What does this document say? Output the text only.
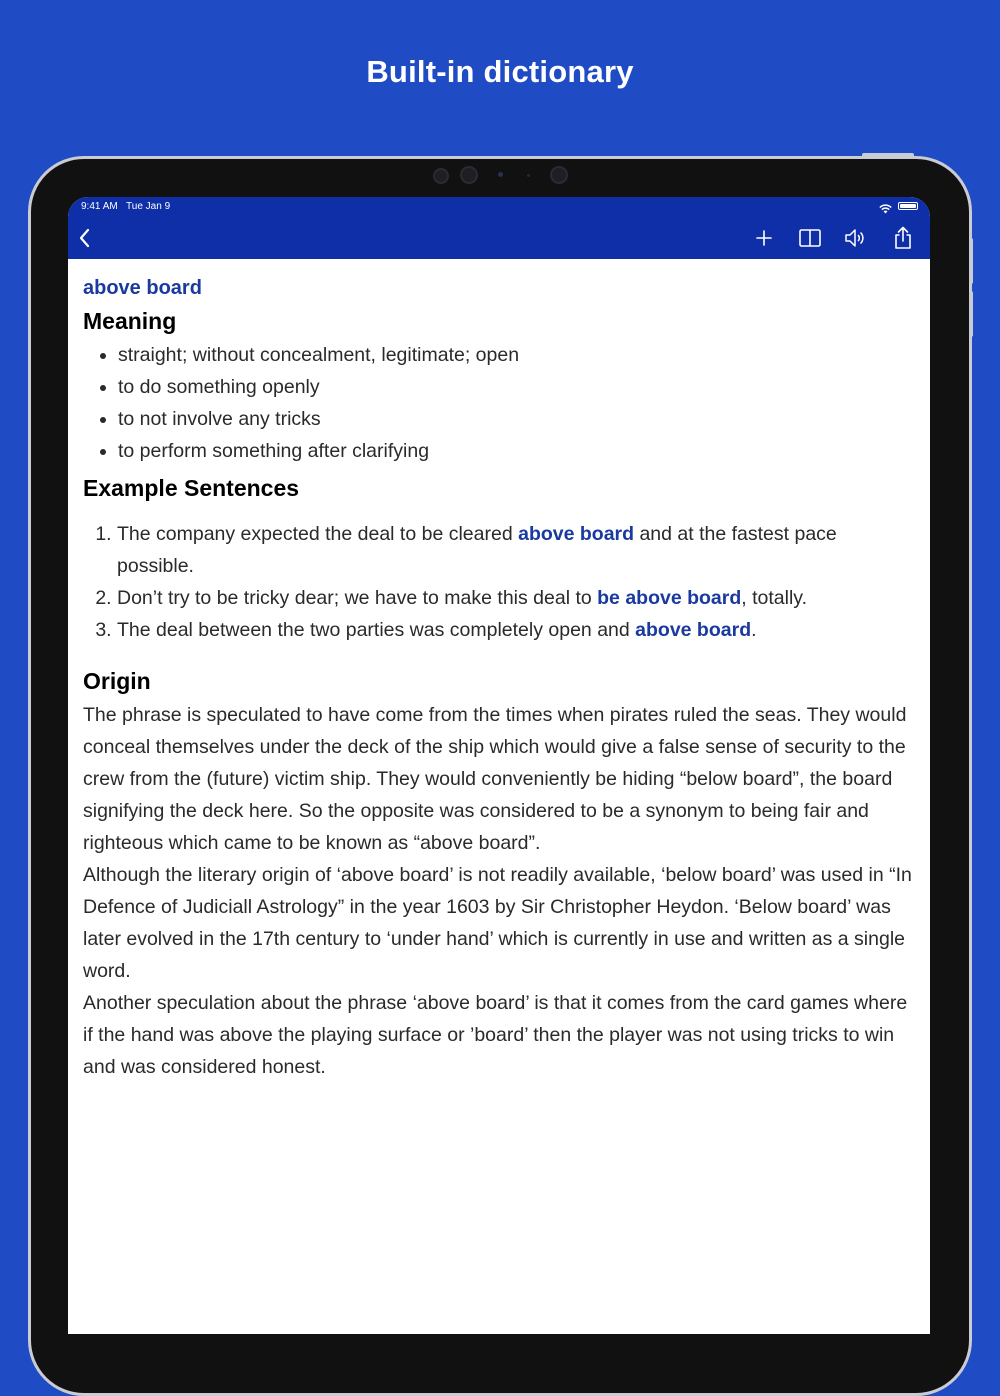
Built-in dictionary
9:41 AM Tue Jan 9
above board
Meaning
• straight; without concealment, legitimate; open
• to do something openly
• to not involve any tricks
• to perform something after clarifying
Example Sentences
1. The company expected the deal to be cleared above board and at the fastest pace possible.
2. Don’t try to be tricky dear; we have to make this deal to be above board, totally.
3. The deal between the two parties was completely open and above board.
Origin

The phrase is speculated to have come from the times when pirates ruled the seas. They would conceal themselves under the deck of the ship which would give a false sense of security to the crew from the (future) victim ship. They would conveniently be hiding “below board”, the board signifying the deck here. So the opposite was considered to be a synonym to being fair and righteous which came to be known as “above board”.

Although the literary origin of ‘above board’ is not readily available, ‘below board’ was used in “In Defence of Judiciall Astrology” in the year 1603 by Sir Christopher Heydon. ‘Below board’ was later evolved in the 17th century to ‘under hand’ which is currently in use and written as a single word.

Another speculation about the phrase ‘above board’ is that it comes from the card games where if the hand was above the playing surface or ’board’ then the player was not using tricks to win and was considered honest.
